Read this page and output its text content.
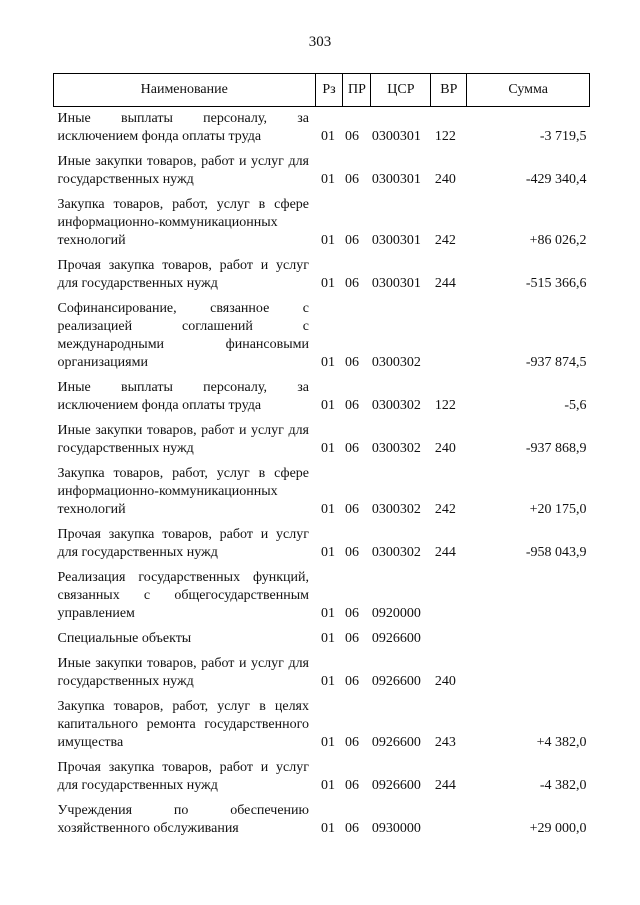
303
Наименование	Рз	ПР	ЦСР	ВР	Сумма
Иные выплаты персоналу, за исключением фонда оплаты труда	01	06	0300301	122	-3 719,5
Иные закупки товаров, работ и услуг для государственных нужд	01	06	0300301	240	-429 340,4
Закупка товаров, работ, услуг в сфере информационно-коммуникационных технологий	01	06	0300301	242	+86 026,2
Прочая закупка товаров, работ и услуг для государственных нужд	01	06	0300301	244	-515 366,6
Софинансирование, связанное с реализацией соглашений с международными финансовыми организациями	01	06	0300302		-937 874,5
Иные выплаты персоналу, за исключением фонда оплаты труда	01	06	0300302	122	-5,6
Иные закупки товаров, работ и услуг для государственных нужд	01	06	0300302	240	-937 868,9
Закупка товаров, работ, услуг в сфере информационно-коммуникационных технологий	01	06	0300302	242	+20 175,0
Прочая закупка товаров, работ и услуг для государственных нужд	01	06	0300302	244	-958 043,9
Реализация государственных функций, связанных с общегосударственным управлением	01	06	0920000		
Специальные объекты	01	06	0926600		
Иные закупки товаров, работ и услуг для государственных нужд	01	06	0926600	240	
Закупка товаров, работ, услуг в целях капитального ремонта государственного имущества	01	06	0926600	243	+4 382,0
Прочая закупка товаров, работ и услуг для государственных нужд	01	06	0926600	244	-4 382,0
Учреждения по обеспечению хозяйственного обслуживания	01	06	0930000		+29 000,0
